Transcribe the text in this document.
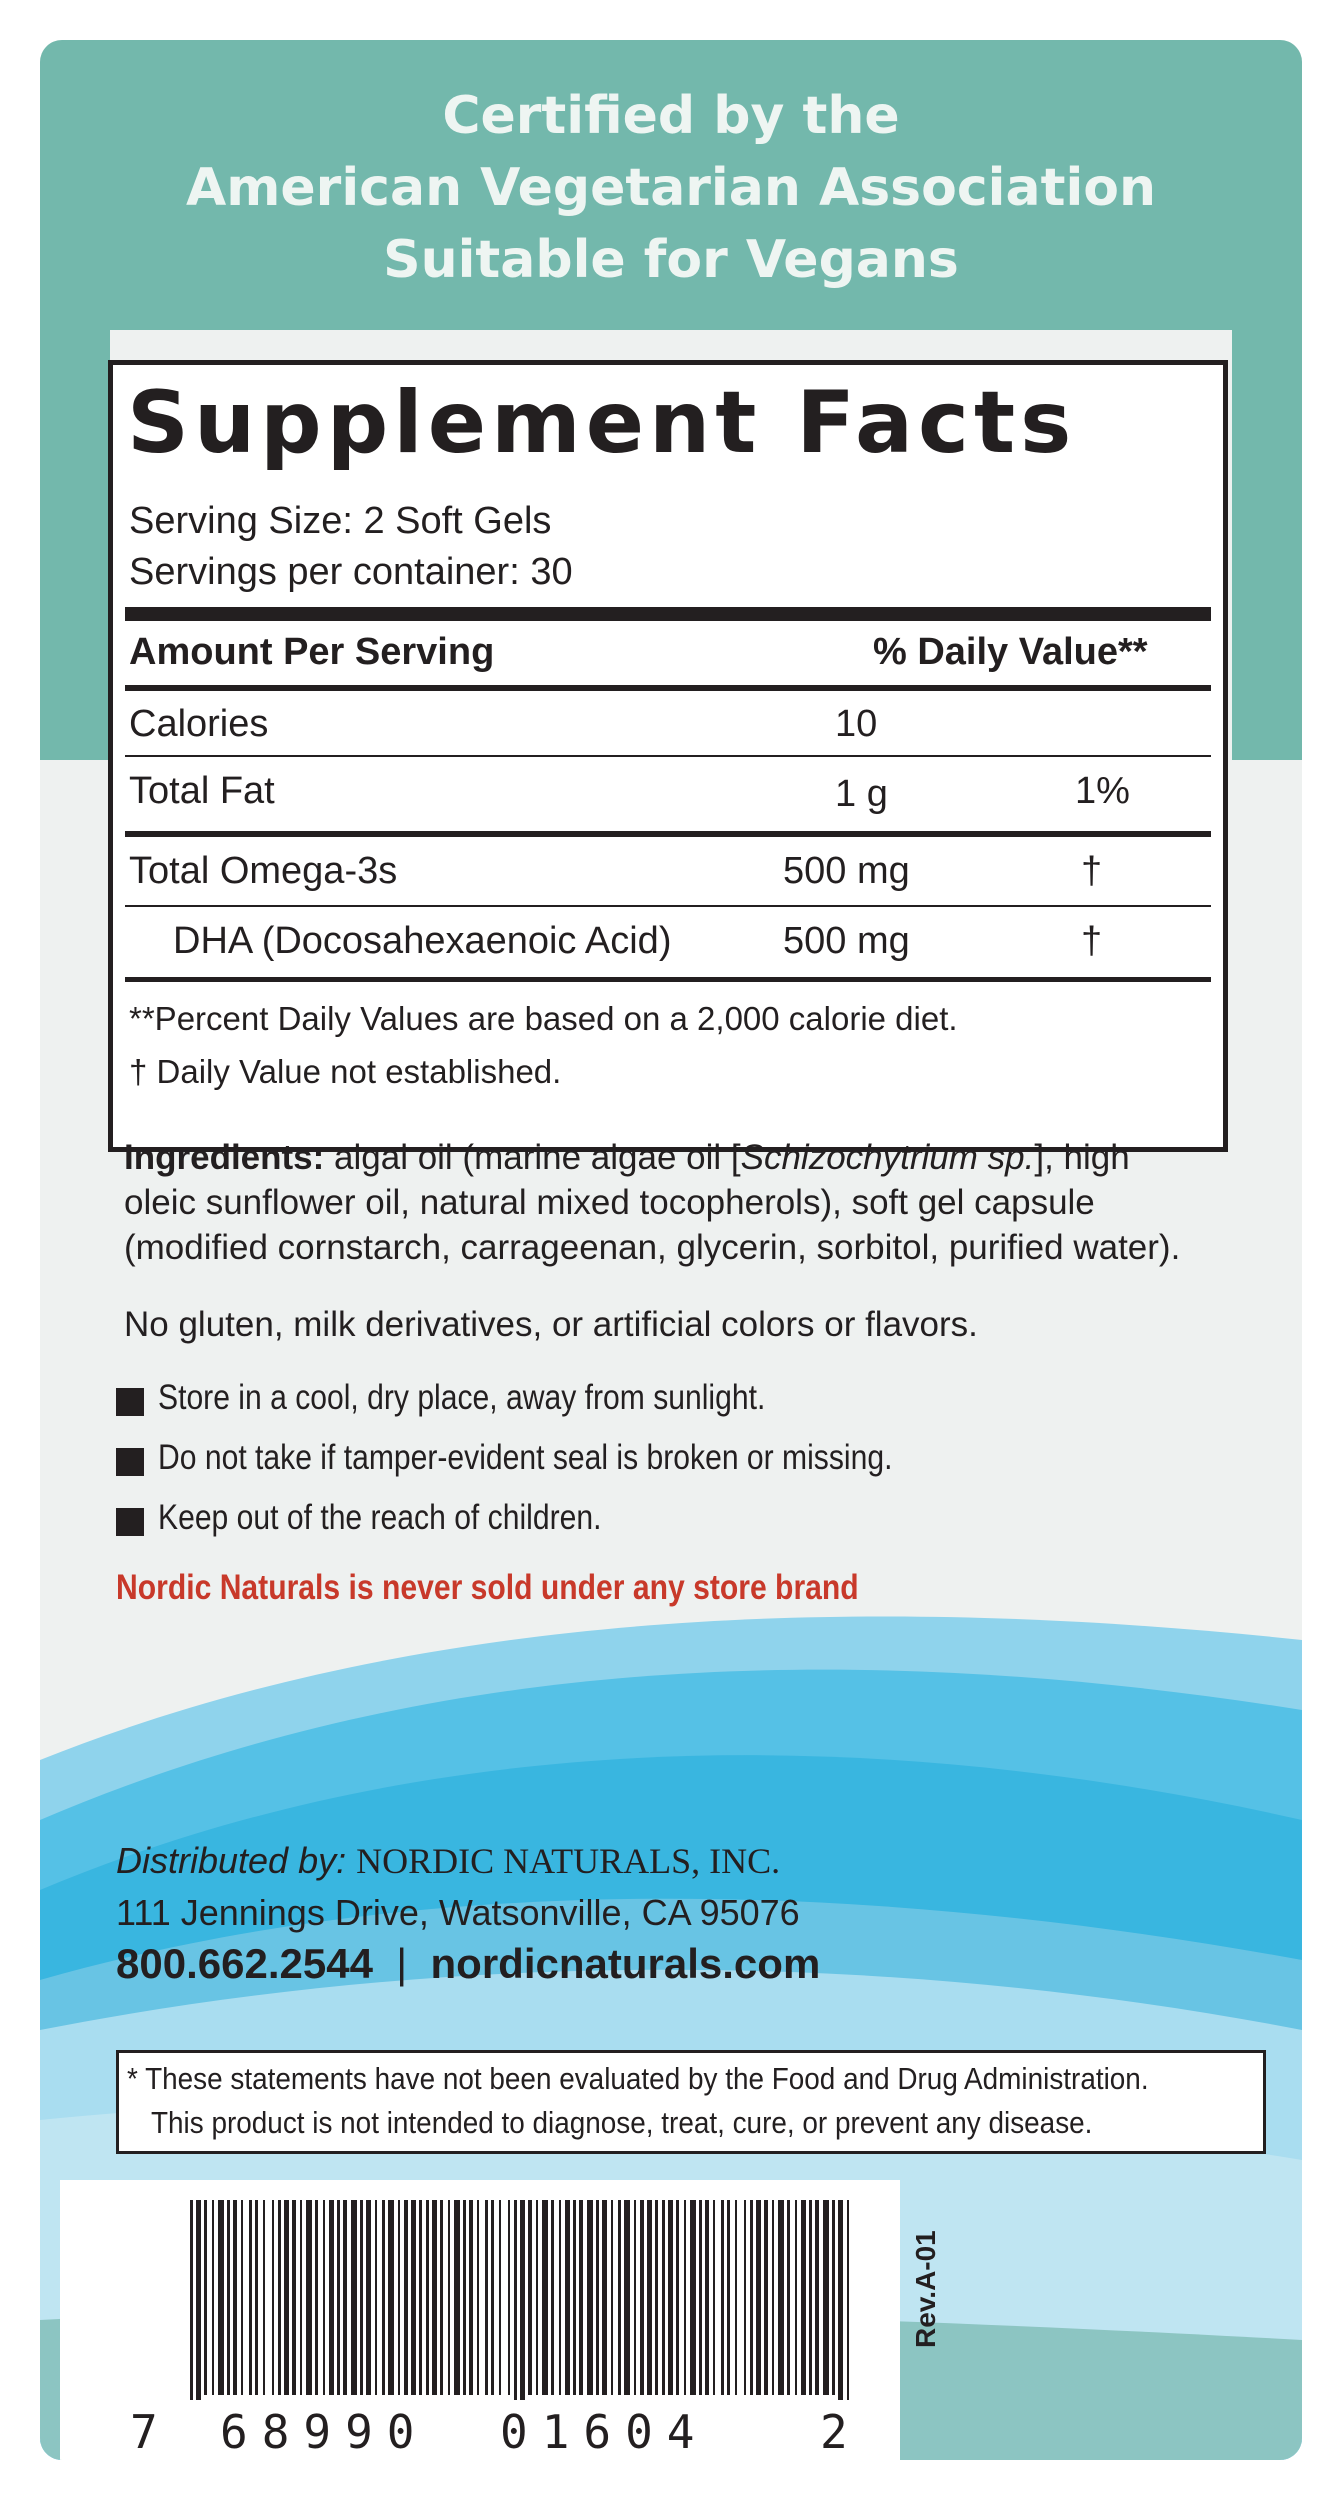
Certified by the
American Vegetarian Association
Suitable for Vegans
Supplement Facts
Serving Size: 2 Soft Gels
Servings per container: 30
Amount Per Serving	% Daily Value**
Calories	10
Total Fat	1 g	1%
Total Omega-3s	500 mg	†
DHA (Docosahexaenoic Acid)	500 mg	†
**Percent Daily Values are based on a 2,000 calorie diet.
† Daily Value not established.
Ingredients: algal oil (marine algae oil [Schizochytrium sp.], high
oleic sunflower oil, natural mixed tocopherols), soft gel capsule
(modified cornstarch, carrageenan, glycerin, sorbitol, purified water).
No gluten, milk derivatives, or artificial colors or flavors.
Store in a cool, dry place, away from sunlight.
Do not take if tamper-evident seal is broken or missing.
Keep out of the reach of children.
Nordic Naturals is never sold under any store brand
Distributed by: NORDIC NATURALS, INC.
111 Jennings Drive, Watsonville, CA 95076
800.662.2544 | nordicnaturals.com
* These statements have not been evaluated by the Food and Drug Administration.
This product is not intended to diagnose, treat, cure, or prevent any disease.
7 68990 01604 2
Rev.A-01
